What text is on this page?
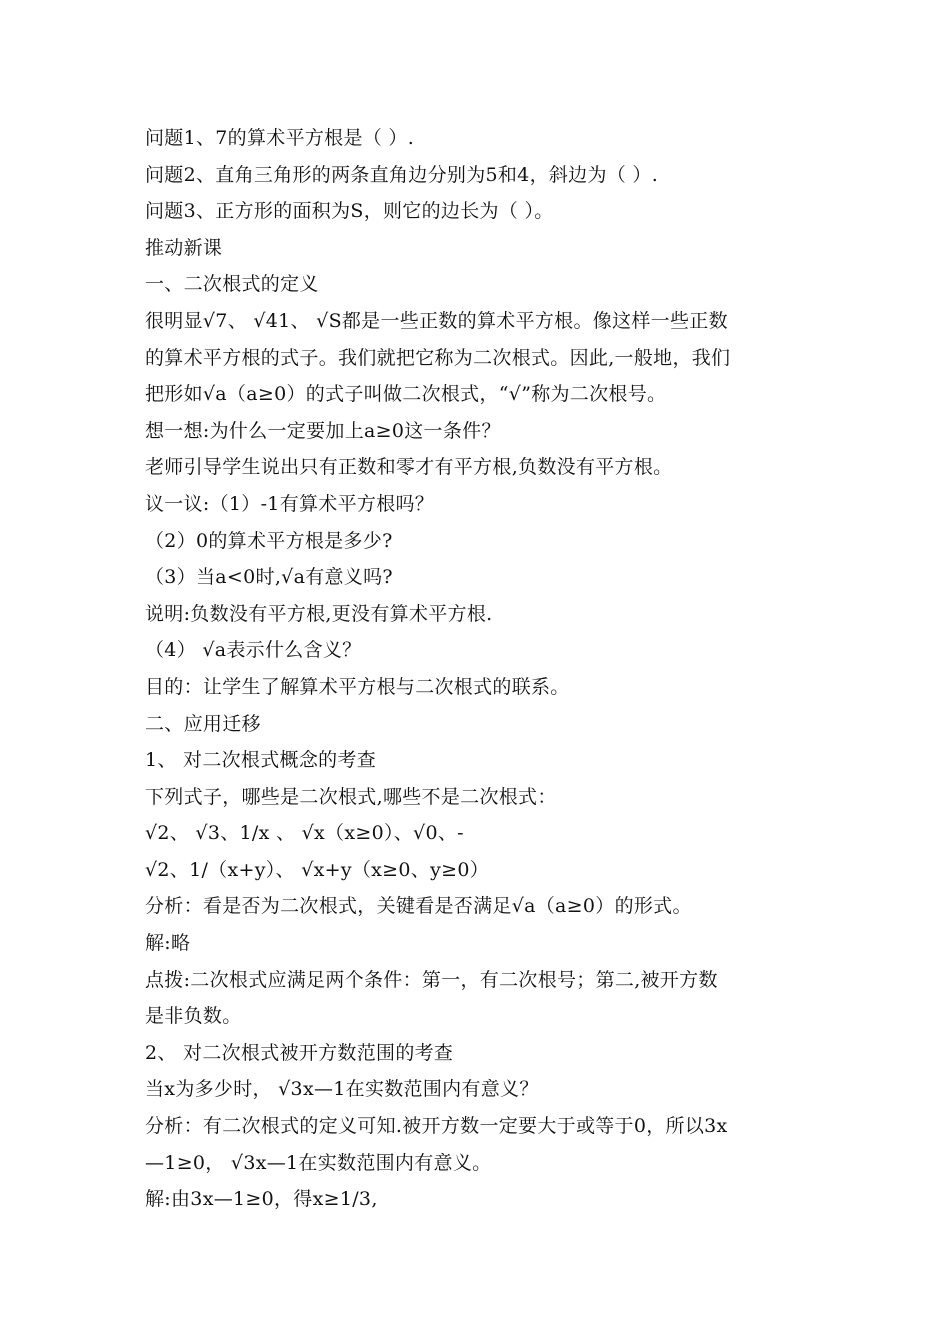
问题1、7的算术平方根是（ ）.
问题2、直角三角形的两条直角边分别为5和4，斜边为（ ）.
问题3、正方形的面积为S，则它的边长为（ ）。
推动新课
一、二次根式的定义
很明显√7、 √41、 √S都是一些正数的算术平方根。像这样一些正数
的算术平方根的式子。我们就把它称为二次根式。因此,一般地，我们
把形如√a（a≥0）的式子叫做二次根式，“√”称为二次根号。
想一想:为什么一定要加上a≥0这一条件？
老师引导学生说出只有正数和零才有平方根,负数没有平方根。
议一议:（1）-1有算术平方根吗？
（2）0的算术平方根是多少?
（3）当a<0时,√a有意义吗?
说明:负数没有平方根,更没有算术平方根.
（4） √a表示什么含义？
目的：让学生了解算术平方根与二次根式的联系。
二、应用迁移
1、 对二次根式概念的考查
下列式子，哪些是二次根式,哪些不是二次根式：
√2、 √3、1/x 、 √x（x≥0）、√0、-
√2、1/（x+y）、 √x+y（x≥0、y≥0）
分析：看是否为二次根式，关键看是否满足√a（a≥0）的形式。
解:略
点拨:二次根式应满足两个条件：第一，有二次根号；第二,被开方数
是非负数。
2、 对二次根式被开方数范围的考查
当x为多少时， √3x—1在实数范围内有意义？
分析：有二次根式的定义可知.被开方数一定要大于或等于0，所以3x
—1≥0， √3x—1在实数范围内有意义。
解:由3x—1≥0，得x≥1/3,
